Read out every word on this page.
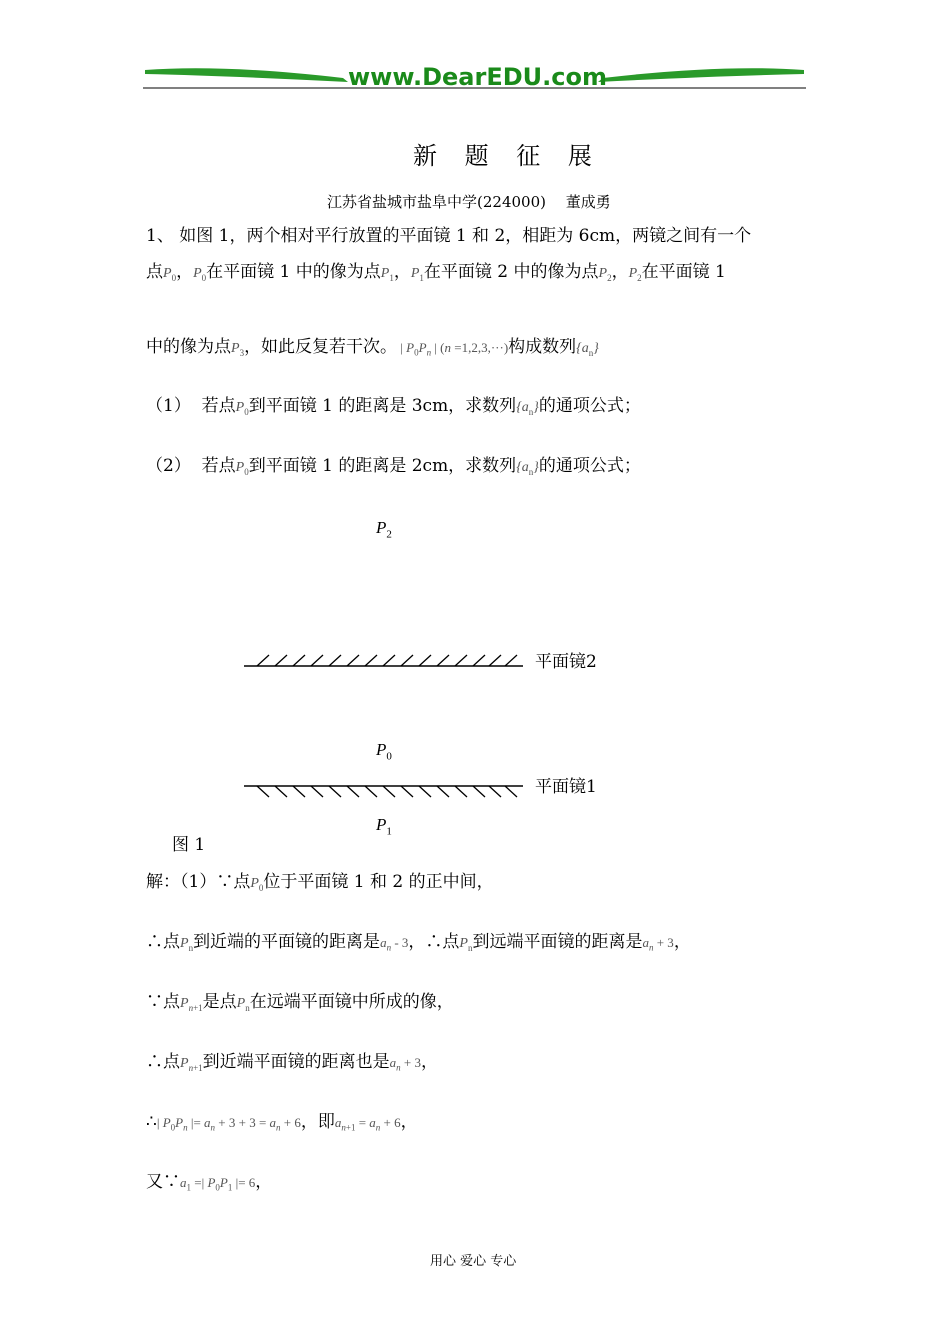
www.DearEDU.com
新 题 征 展
江苏省盐城市盐阜中学(224000)　 董成勇
1、 如图 1，两个相对平行放置的平面镜 1 和 2，相距为 6cm，两镜之间有一个
点$P_0$，$P_0$在平面镜 1 中的像为点$P_1$，$P_1$在平面镜 2 中的像为点$P_2$，$P_2$在平面镜 1
中的像为点$P_3$，如此反复若干次。 | $P_0P_n$ | (n =1,2,3,···)构成数列$\{a_n\}$
（1） 若点$P_0$到平面镜 1 的距离是 3cm，求数列$\{a_n\}$的通项公式；
（2） 若点$P_0$到平面镜 1 的距离是 2cm，求数列$\{a_n\}$的通项公式；
$P_2$
平面镜2
$P_0$
平面镜1
$P_1$
图 1
解：（1）∵点$P_0$位于平面镜 1 和 2 的正中间，
∴点$P_n$到近端的平面镜的距离是$a_n - 3$，∴点$P_n$到远端平面镜的距离是$a_n + 3$，
∵点$P_{n+1}$是点$P_n$在远端平面镜中所成的像，
∴点$P_{n+1}$到近端平面镜的距离也是$a_n + 3$，
∴| $P_0P_n$ |= $a_n + 3 + 3 = a_n + 6$，即$a_{n+1} = a_n + 6$，
又$\because a_1$ =| $P_0P_1$ |= 6，
用心 爱心 专心
